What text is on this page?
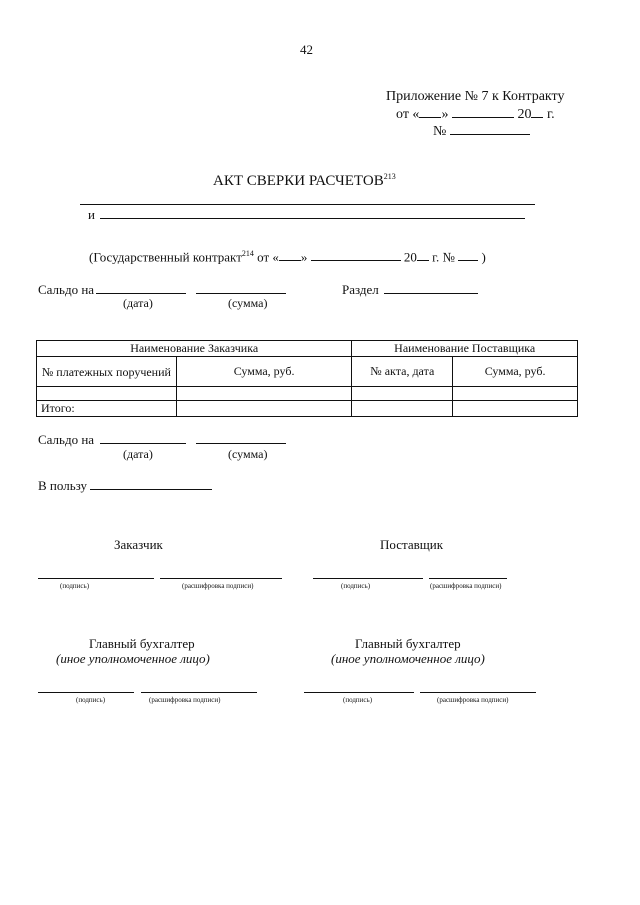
42
Приложение № 7 к Контракту
от « »	20 г.
№
АКТ СВЕРКИ РАСЧЕТОВ$^{213}$
и
(Государственный контракт$^{214}$ от « »	20 г. № )
Сальдо на
(дата)	(сумма)
Раздел
Наименование Заказчика		Наименование Поставщика	
№ платежных поручений	Сумма, руб.	№ акта, дата	Сумма, руб.

Итого:			
Сальдо на
(дата)	(сумма)
В пользу
Заказчик	Поставщик
(подпись)	(расшифровка подписи)	(подпись)	(расшифровка подписи)
Главный бухгалтер
(иное уполномоченное лицо)
Главный бухгалтер
(иное уполномоченное лицо)
(подпись)	(расшифровка подписи)	(подпись)	(расшифровка подписи)
